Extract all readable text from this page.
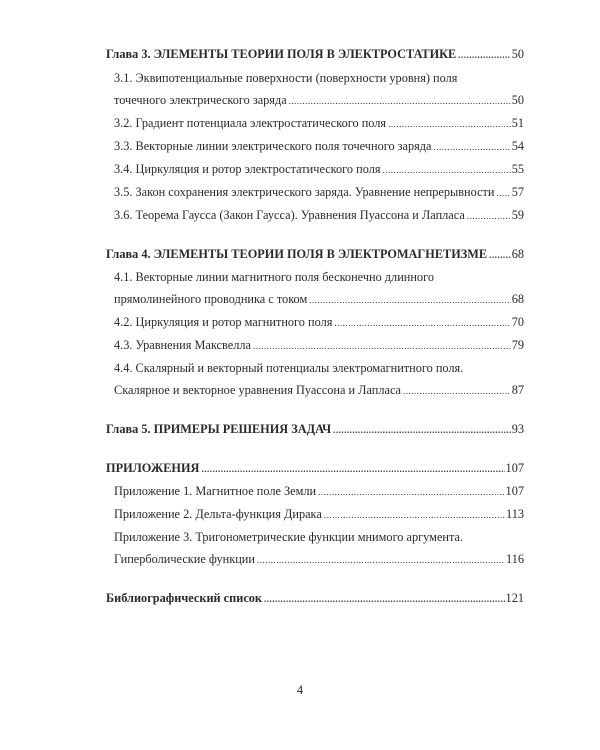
Глава 3. ЭЛЕМЕНТЫ ТЕОРИИ ПОЛЯ В ЭЛЕКТРОСТАТИКЕ .....	50
3.1. Эквипотенциальные поверхности (поверхности уровня) поля
точечного электрического заряда .....	50
3.2. Градиент потенциала электростатического поля .....	51
3.3. Векторные линии электрического поля точечного заряда .....	54
3.4. Циркуляция и ротор электростатического поля .....	55
3.5. Закон сохранения электрического заряда. Уравнение непрерывности ..... 57
3.6. Теорема Гаусса (Закон Гаусса). Уравнения Пуассона и Лапласа .....	59
Глава 4. ЭЛЕМЕНТЫ ТЕОРИИ ПОЛЯ В ЭЛЕКТРОМАГНЕТИЗМЕ ..... 68
4.1. Векторные линии магнитного поля бесконечно длинного
прямолинейного проводника с током .....	68
4.2. Циркуляция и ротор магнитного поля .....	70
4.3. Уравнения Максвелла .....	79
4.4. Скалярный и векторный потенциалы электромагнитного поля.
Скалярное и векторное уравнения Пуассона и Лапласа .....	87
Глава 5. ПРИМЕРЫ РЕШЕНИЯ ЗАДАЧ .....	93
ПРИЛОЖЕНИЯ .....	107
Приложение 1. Магнитное поле Земли .....	107
Приложение 2. Дельта-функция Дирака .....	113
Приложение 3. Тригонометрические функции мнимого аргумента.
Гиперболические функции .....	116
Библиографический список .....	121
4
